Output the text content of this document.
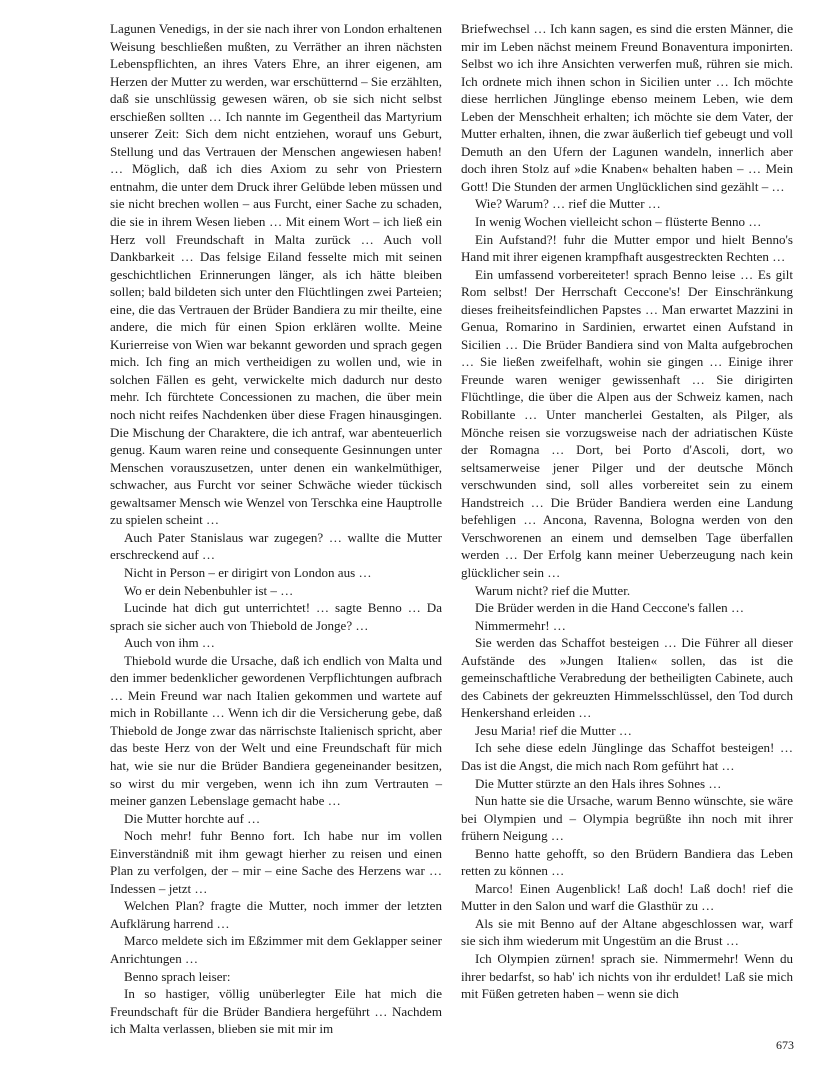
Lagunen Venedigs, in der sie nach ihrer von London erhaltenen Weisung beschließen mußten, zu Verräther an ihren nächsten Lebenspflichten, an ihres Vaters Ehre, an ihrer eigenen, am Herzen der Mutter zu werden, war erschütternd – Sie erzählten, daß sie unschlüssig gewesen wären, ob sie sich nicht selbst erschießen sollten … Ich nannte im Gegentheil das Martyrium unserer Zeit: Sich dem nicht entziehen, worauf uns Geburt, Stellung und das Vertrauen der Menschen angewiesen haben! … Möglich, daß ich dies Axiom zu sehr von Priestern entnahm, die unter dem Druck ihrer Gelübde leben müssen und sie nicht brechen wollen – aus Furcht, einer Sache zu schaden, die sie in ihrem Wesen lieben … Mit einem Wort – ich ließ ein Herz voll Freundschaft in Malta zurück … Auch voll Dankbarkeit … Das felsige Eiland fesselte mich mit seinen geschichtlichen Erinnerungen länger, als ich hätte bleiben sollen; bald bildeten sich unter den Flüchtlingen zwei Parteien; eine, die das Vertrauen der Brüder Bandiera zu mir theilte, eine andere, die mich für einen Spion erklären wollte. Meine Kurierreise von Wien war bekannt geworden und sprach gegen mich. Ich fing an mich vertheidigen zu wollen und, wie in solchen Fällen es geht, verwickelte mich dadurch nur desto mehr. Ich fürchtete Concessionen zu machen, die über mein noch nicht reifes Nachdenken über diese Fragen hinausgingen. Die Mischung der Charaktere, die ich antraf, war abenteuerlich genug. Kaum waren reine und consequente Gesinnungen unter Menschen vorauszusetzen, unter denen ein wankelmüthiger, schwacher, aus Furcht vor seiner Schwäche wieder tückisch gewaltsamer Mensch wie Wenzel von Terschka eine Hauptrolle zu spielen scheint …

Auch Pater Stanislaus war zugegen? … wallte die Mutter erschreckend auf …

Nicht in Person – er dirigirt von London aus …

Wo er dein Nebenbuhler ist – …

Lucinde hat dich gut unterrichtet! … sagte Benno … Da sprach sie sicher auch von Thiebold de Jonge? …

Auch von ihm …

Thiebold wurde die Ursache, daß ich endlich von Malta und den immer bedenklicher gewordenen Verpflichtungen aufbrach … Mein Freund war nach Italien gekommen und wartete auf mich in Robillante … Wenn ich dir die Versicherung gebe, daß Thiebold de Jonge zwar das närrischste Italienisch spricht, aber das beste Herz von der Welt und eine Freundschaft für mich hat, wie sie nur die Brüder Bandiera gegeneinander besitzen, so wirst du mir vergeben, wenn ich ihn zum Vertrauten – meiner ganzen Lebenslage gemacht habe …

Die Mutter horchte auf …

Noch mehr! fuhr Benno fort. Ich habe nur im vollen Einverständniß mit ihm gewagt hierher zu reisen und einen Plan zu verfolgen, der – mir – eine Sache des Herzens war … Indessen – jetzt …

Welchen Plan? fragte die Mutter, noch immer der letzten Aufklärung harrend …

Marco meldete sich im Eßzimmer mit dem Geklapper seiner Anrichtungen …

Benno sprach leiser:

In so hastiger, völlig unüberlegter Eile hat mich die Freundschaft für die Brüder Bandiera hergeführt … Nachdem ich Malta verlassen, blieben sie mit mir im

Briefwechsel … Ich kann sagen, es sind die ersten Männer, die mir im Leben nächst meinem Freund Bonaventura imponirten. Selbst wo ich ihre Ansichten verwerfen muß, rühren sie mich. Ich ordnete mich ihnen schon in Sicilien unter … Ich möchte diese herrlichen Jünglinge ebenso meinem Leben, wie dem Leben der Menschheit erhalten; ich möchte sie dem Vater, der Mutter erhalten, ihnen, die zwar äußerlich tief gebeugt und voll Demuth an den Ufern der Lagunen wandeln, innerlich aber doch ihren Stolz auf »die Knaben« behalten haben – … Mein Gott! Die Stunden der armen Unglücklichen sind gezählt – …

Wie? Warum? … rief die Mutter …

In wenig Wochen vielleicht schon – flüsterte Benno …

Ein Aufstand?! fuhr die Mutter empor und hielt Benno's Hand mit ihrer eigenen krampfhaft ausgestreckten Rechten …

Ein umfassend vorbereiteter! sprach Benno leise … Es gilt Rom selbst! Der Herrschaft Ceccone's! Der Einschränkung dieses freiheitsfeindlichen Papstes … Man erwartet Mazzini in Genua, Romarino in Sardinien, erwartet einen Aufstand in Sicilien … Die Brüder Bandiera sind von Malta aufgebrochen … Sie ließen zweifelhaft, wohin sie gingen … Einige ihrer Freunde waren weniger gewissenhaft … Sie dirigirten Flüchtlinge, die über die Alpen aus der Schweiz kamen, nach Robillante … Unter mancherlei Gestalten, als Pilger, als Mönche reisen sie vorzugsweise nach der adriatischen Küste der Romagna … Dort, bei Porto d'Ascoli, dort, wo seltsamerweise jener Pilger und der deutsche Mönch verschwunden sind, soll alles vorbereitet sein zu einem Handstreich … Die Brüder Bandiera werden eine Landung befehligen … Ancona, Ravenna, Bologna werden von den Verschworenen an einem und demselben Tage überfallen werden … Der Erfolg kann meiner Ueberzeugung nach kein glücklicher sein …

Warum nicht? rief die Mutter.

Die Brüder werden in die Hand Ceccone's fallen …

Nimmermehr! …

Sie werden das Schaffot besteigen … Die Führer all dieser Aufstände des »Jungen Italien« sollen, das ist die gemeinschaftliche Verabredung der betheiligten Cabinete, auch des Cabinets der gekreuzten Himmelsschlüssel, den Tod durch Henkershand erleiden …

Jesu Maria! rief die Mutter …

Ich sehe diese edeln Jünglinge das Schaffot besteigen! … Das ist die Angst, die mich nach Rom geführt hat …

Die Mutter stürzte an den Hals ihres Sohnes …

Nun hatte sie die Ursache, warum Benno wünschte, sie wäre bei Olympien und – Olympia begrüßte ihn noch mit ihrer frühern Neigung …

Benno hatte gehofft, so den Brüdern Bandiera das Leben retten zu können …

Marco! Einen Augenblick! Laß doch! Laß doch! rief die Mutter in den Salon und warf die Glasthür zu …

Als sie mit Benno auf der Altane abgeschlossen war, warf sie sich ihm wiederum mit Ungestüm an die Brust …

Ich Olympien zürnen! sprach sie. Nimmermehr! Wenn du ihrer bedarfst, so hab' ich nichts von ihr erduldet! Laß sie mich mit Füßen getreten haben – wenn sie dich

673
